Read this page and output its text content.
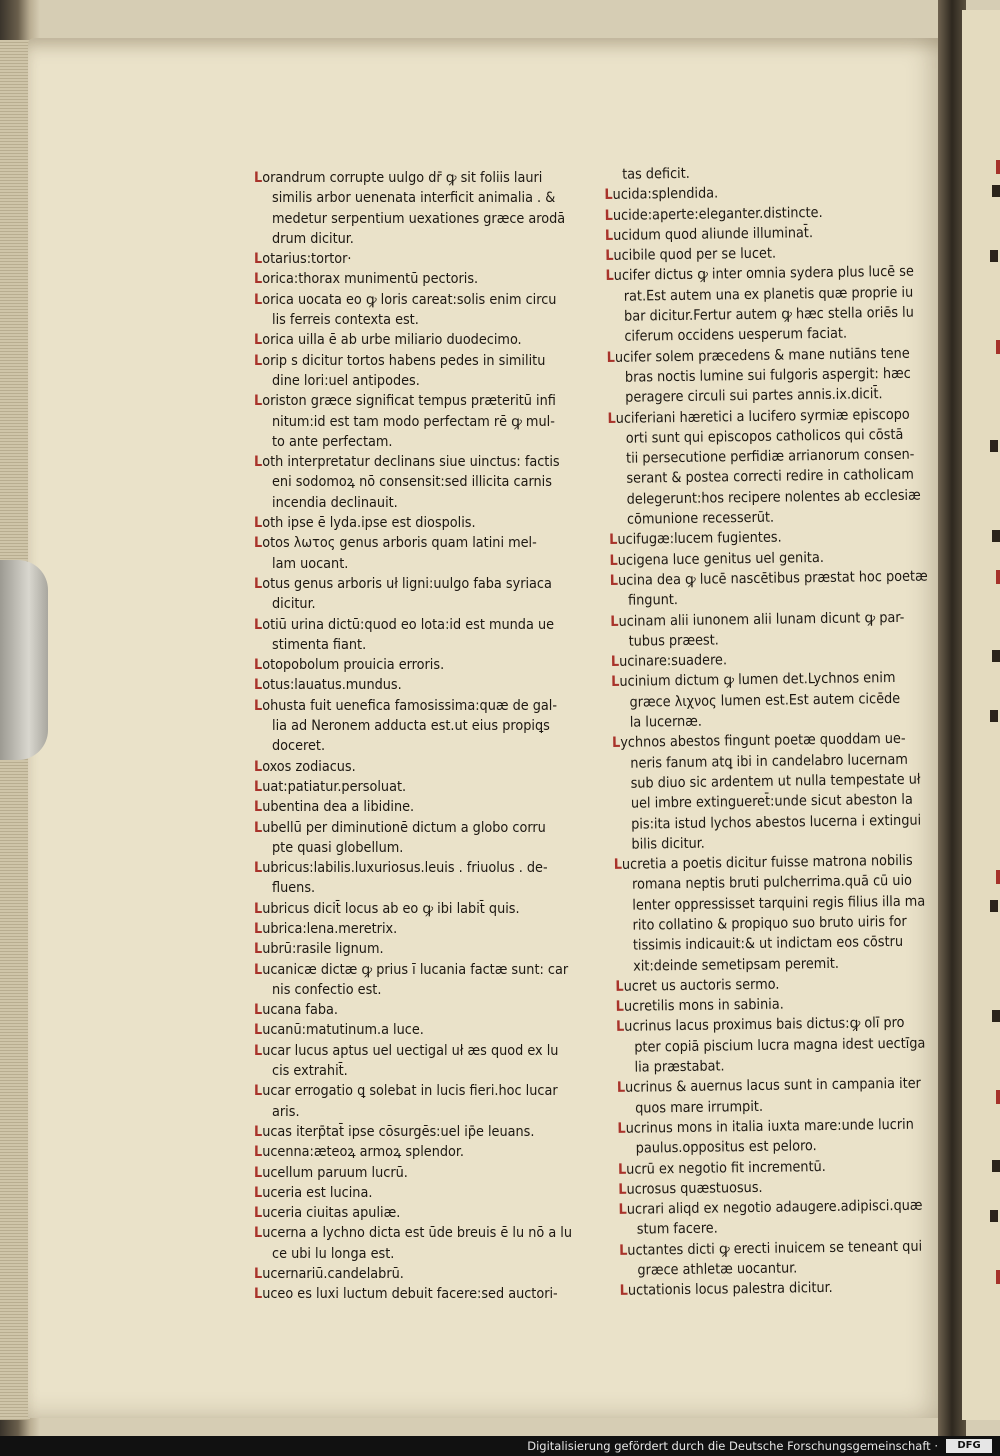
Lorandrum corrupte uulgo dr̄ ꝙ sit foliis lauri

similis arbor uenenata interficit animalia . &

medetur serpentium uexationes græce arodā

drum dicitur.

Lotarius:tortor·

Lorica:thorax munimentū pectoris.

Lorica uocata eo ꝙ loris careat:solis enim circu

lis ferreis contexta est.

Lorica uilla ē ab urbe miliario duodecimo.

Lorip s dicitur tortos habens pedes in similitu

dine lori:uel antipodes.

Loriston græce significat tempus præteritū infi

nitum:id est tam modo perfectam rē ꝙ mul-

to ante perfectam.

Loth interpretatur declinans siue uinctus: factis

eni sodomoꝝ nō consensit:sed illicita carnis

incendia declinauit.

Loth ipse ē lyda.ipse est diospolis.

Lotos λωτος genus arboris quam latini mel-

lam uocant.

Lotus genus arboris uł ligni:uulgo faba syriaca

dicitur.

Lotiū urina dictū:quod eo lota:id est munda ue

stimenta fiant.

Lotopobolum prouicia erroris.

Lotus:lauatus.mundus.

Lohusta fuit uenefica famosissima:quæ de gal-

lia ad Neronem adducta est.ut eius propiꝗs

doceret.

Loxos zodiacus.

Luat:patiatur.persoluat.

Lubentina dea a libidine.

Lubellū per diminutionē dictum a globo corru

pte quasi globellum.

Lubricus:labilis.luxuriosus.leuis . friuolus . de-

fluens.

Lubricus dicit̄ locus ab eo ꝙ ibi labit̄ quis.

Lubrica:lena.meretrix.

Lubrū:rasile lignum.

Lucanicæ dictæ ꝙ prius ī lucania factæ sunt: car

nis confectio est.

Lucana faba.

Lucanū:matutinum.a luce.

Lucar lucus aptus uel uectigal uł æs quod ex lu

cis extrahit̄.

Lucar errogatio ꝗ solebat in lucis fieri.hoc lucar

aris.

Lucas iterp̄tat̄ ipse cōsurgēs:uel ip̄e leuans.

Lucenna:æteoꝝ armoꝝ splendor.

Lucellum paruum lucrū.

Luceria est lucina.

Luceria ciuitas apuliæ.

Lucerna a lychno dicta est ūde breuis ē lu nō a lu

ce ubi lu longa est.

Lucernariū.candelabrū.

Luceo es luxi luctum debuit facere:sed auctori-

tas deficit.

Lucida:splendida.

Lucide:aperte:eleganter.distincte.

Lucidum quod aliunde illuminat̄.

Lucibile quod per se lucet.

Lucifer dictus ꝙ inter omnia sydera plus lucē se

rat.Est autem una ex planetis quæ proprie iu

bar dicitur.Fertur autem ꝙ hæc stella oriēs lu

ciferum occidens uesperum faciat.

Lucifer solem præcedens & mane nutiāns tene

bras noctis lumine sui fulgoris aspergit: hæc

peragere circuli sui partes annis.ix.dicit̄.

Luciferiani hæretici a lucifero syrmiæ episcopo

orti sunt qui episcopos catholicos qui cōstā

tii persecutione perfidiæ arrianorum consen-

serant & postea correcti redire in catholicam

delegerunt:hos recipere nolentes ab ecclesiæ

cōmunione recesserūt.

Lucifugæ:lucem fugientes.

Lucigena luce genitus uel genita.

Lucina dea ꝙ lucē nascētibus præstat hoc poetæ

fingunt.

Lucinam alii iunonem alii lunam dicunt ꝙ par-

tubus præest.

Lucinare:suadere.

Lucinium dictum ꝙ lumen det.Lychnos enim

græce λιχνος lumen est.Est autem cicēde

la lucernæ.

Lychnos abestos fingunt poetæ quoddam ue-

neris fanum atꝗ ibi in candelabro lucernam

sub diuo sic ardentem ut nulla tempestate uł

uel imbre extingueret̄:unde sicut abeston la

pis:ita istud lychos abestos lucerna i extingui

bilis dicitur.

Lucretia a poetis dicitur fuisse matrona nobilis

romana neptis bruti pulcherrima.quā cū uio

lenter oppressisset tarquini regis filius illa ma

rito collatino & propiquo suo bruto uiris for

tissimis indicauit:& ut indictam eos cōstru

xit:deinde semetipsam peremit.

Lucret us auctoris sermo.

Lucretilis mons in sabinia.

Lucrinus lacus proximus bais dictus:ꝙ olī pro

pter copiā piscium lucra magna idest uectīga

lia præstabat.

Lucrinus & auernus lacus sunt in campania iter

quos mare irrumpit.

Lucrinus mons in italia iuxta mare:unde lucrin

paulus.oppositus est peloro.

Lucrū ex negotio fit incrementū.

Lucrosus quæstuosus.

Lucrari aliqd ex negotio adaugere.adipisci.quæ

stum facere.

Luctantes dicti ꝙ erecti inuicem se teneant qui

græce athletæ uocantur.

Luctationis locus palestra dicitur.

Digitalisierung gefördert durch die Deutsche Forschungsgemeinschaft ·	DFG
